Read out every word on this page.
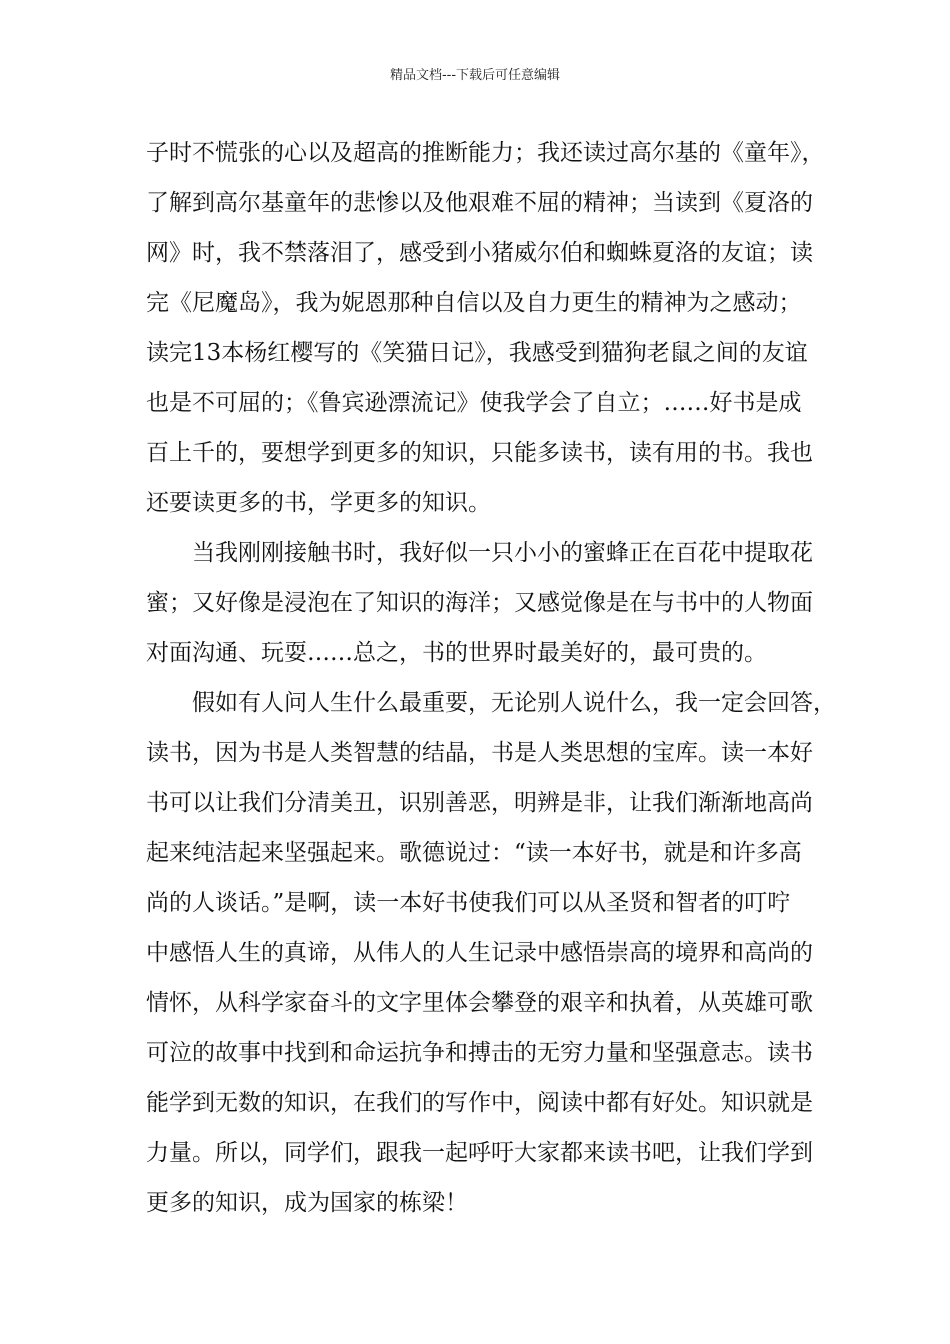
精品文档---下载后可任意编辑
子时不慌张的心以及超高的推断能力；我还读过高尔基的《童年》，
了解到高尔基童年的悲惨以及他艰难不屈的精神；当读到《夏洛的
网》时，我不禁落泪了，感受到小猪威尔伯和蜘蛛夏洛的友谊；读
完《尼魔岛》，我为妮恩那种自信以及自力更生的精神为之感动；
读完13本杨红樱写的《笑猫日记》，我感受到猫狗老鼠之间的友谊
也是不可屈的；《鲁宾逊漂流记》使我学会了自立；……好书是成
百上千的，要想学到更多的知识，只能多读书，读有用的书。我也
还要读更多的书，学更多的知识。
当我刚刚接触书时，我好似一只小小的蜜蜂正在百花中提取花
蜜；又好像是浸泡在了知识的海洋；又感觉像是在与书中的人物面
对面沟通、玩耍……总之，书的世界时最美好的，最可贵的。
假如有人问人生什么最重要，无论别人说什么，我一定会回答，
读书，因为书是人类智慧的结晶，书是人类思想的宝库。读一本好
书可以让我们分清美丑，识别善恶，明辨是非，让我们渐渐地高尚
起来纯洁起来坚强起来。歌德说过：“读一本好书，就是和许多高
尚的人谈话。”是啊，读一本好书使我们可以从圣贤和智者的叮咛
中感悟人生的真谛，从伟人的人生记录中感悟崇高的境界和高尚的
情怀，从科学家奋斗的文字里体会攀登的艰辛和执着，从英雄可歌
可泣的故事中找到和命运抗争和搏击的无穷力量和坚强意志。读书
能学到无数的知识，在我们的写作中，阅读中都有好处。知识就是
力量。所以，同学们，跟我一起呼吁大家都来读书吧，让我们学到
更多的知识，成为国家的栋梁！
